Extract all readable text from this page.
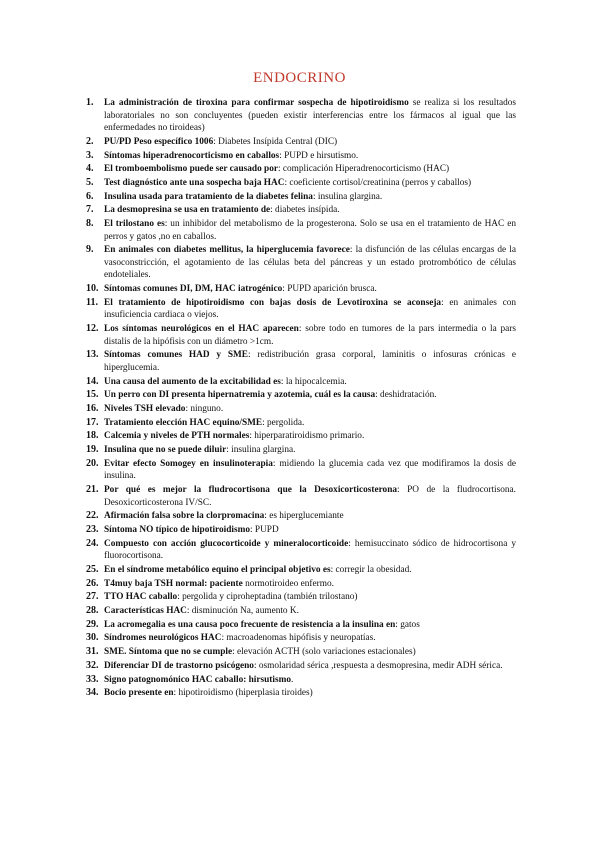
ENDOCRINO
1. La administración de tiroxina para confirmar sospecha de hipotiroidismo se realiza si los resultados laboratoriales no son concluyentes (pueden existir interferencias entre los fármacos al igual que las enfermedades no tiroideas)
2. PU/PD Peso específico 1006: Diabetes Insípida Central (DIC)
3. Síntomas hiperadrenocorticismo en caballos: PUPD e hirsutismo.
4. El tromboembolismo puede ser causado por: complicación Hiperadrenocorticismo (HAC)
5. Test diagnóstico ante una sospecha baja HAC: coeficiente cortisol/creatinina (perros y caballos)
6. Insulina usada para tratamiento de la diabetes felina: insulina glargina.
7. La desmopresina se usa en tratamiento de: diabetes insípida.
8. El trilostano es: un inhibidor del metabolismo de la progesterona. Solo se usa en el tratamiento de HAC en perros y gatos ,no en caballos.
9. En animales con diabetes mellitus, la hiperglucemia favorece: la disfunción de las células encargas de la vasoconstricción, el agotamiento de las células beta del páncreas y un estado protrombótico de células endoteliales.
10. Síntomas comunes DI, DM, HAC iatrogénico: PUPD aparición brusca.
11. El tratamiento de hipotiroidismo con bajas dosis de Levotiroxina se aconseja: en animales con insuficiencia cardiaca o viejos.
12. Los síntomas neurológicos en el HAC aparecen: sobre todo en tumores de la pars intermedia o la pars distalis de la hipófisis con un diámetro >1cm.
13. Síntomas comunes HAD y SME: redistribución grasa corporal, laminitis o infosuras crónicas e hiperglucemia.
14. Una causa del aumento de la excitabilidad es: la hipocalcemia.
15. Un perro con DI presenta hipernatremia y azotemia, cuál es la causa: deshidratación.
16. Niveles TSH elevado: ninguno.
17. Tratamiento elección HAC equino/SME: pergolida.
18. Calcemia y niveles de PTH normales: hiperparatiroidismo primario.
19. Insulina que no se puede diluir: insulina glargina.
20. Evitar efecto Somogey en insulinoterapia: midiendo la glucemia cada vez que modifiramos la dosis de insulina.
21. Por qué es mejor la fludrocortisona que la Desoxicorticosterona: PO de la fludrocortisona. Desoxicorticosterona IV/SC.
22. Afirmación falsa sobre la clorpromacina: es hiperglucemiante
23. Síntoma NO típico de hipotiroidismo: PUPD
24. Compuesto con acción glucocorticoide y mineralocorticoide: hemisuccinato sódico de hidrocortisona y fluorocortisona.
25. En el síndrome metabólico equino el principal objetivo es: corregir la obesidad.
26. T4muy baja TSH normal: paciente normotiroideo enfermo.
27. TTO HAC caballo: pergolida y ciproheptadina (también trilostano)
28. Características HAC: disminución Na, aumento K.
29. La acromegalia es una causa poco frecuente de resistencia a la insulina en: gatos
30. Síndromes neurológicos HAC: macroadenomas hipófisis y neuropatías.
31. SME. Síntoma que no se cumple: elevación ACTH (solo variaciones estacionales)
32. Diferenciar DI de trastorno psicógeno: osmolaridad sérica ,respuesta a desmopresina, medir ADH sérica.
33. Signo patognomónico HAC caballo: hirsutismo.
34. Bocio presente en: hipotiroidismo (hiperplasia tiroides)
